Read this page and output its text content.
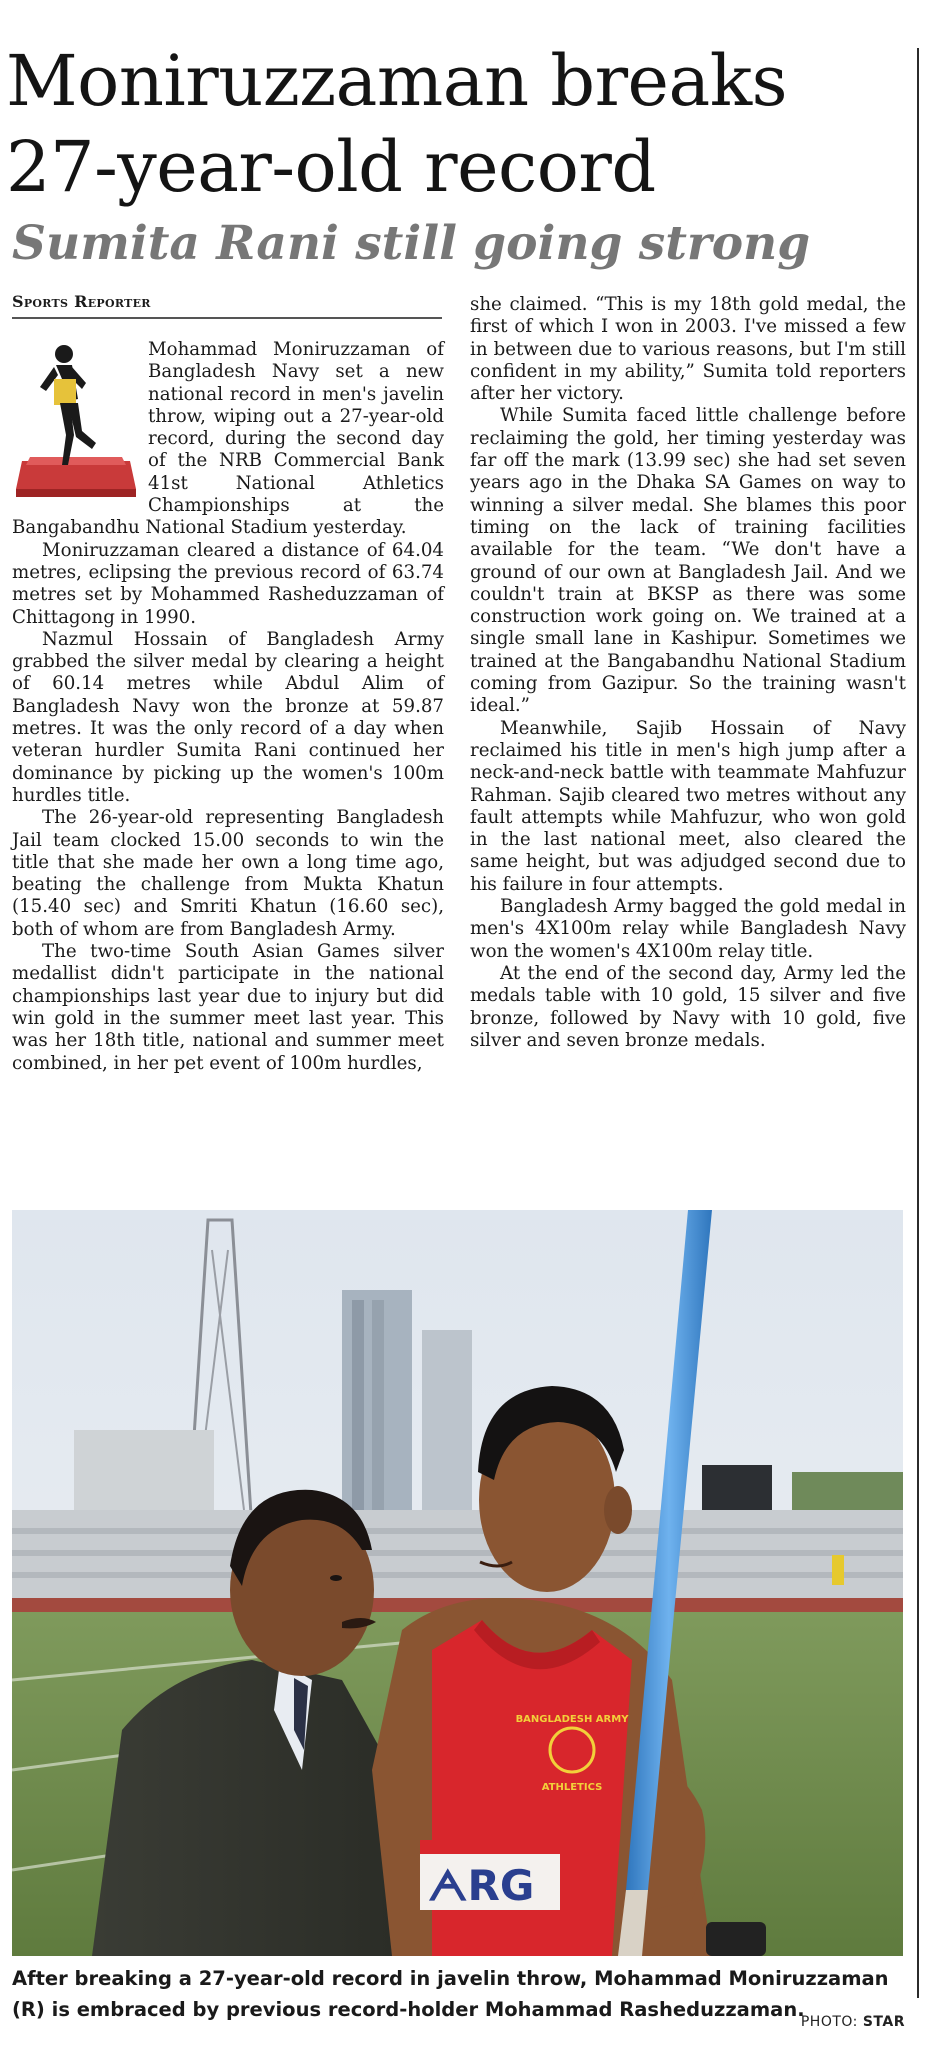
Moniruzzaman breaks
27-year-old record
Sumita Rani still going strong
Sports Reporter

Mohammad Moniruzzaman of Bangladesh Navy set a new national record in men's javelin throw, wiping out a 27-year-old record, during the second day of the NRB Commercial Bank 41st National Athletics Championships at the Bangabandhu National Stadium yesterday.

Moniruzzaman cleared a distance of 64.04 metres, eclipsing the previous record of 63.74 metres set by Mohammed Rasheduzzaman of Chittagong in 1990.

Nazmul Hossain of Bangladesh Army grabbed the silver medal by clearing a height of 60.14 metres while Abdul Alim of Bangladesh Navy won the bronze at 59.87 metres. It was the only record of a day when veteran hurdler Sumita Rani continued her dominance by picking up the women's 100m hurdles title.

The 26-year-old representing Bangladesh Jail team clocked 15.00 seconds to win the title that she made her own a long time ago, beating the challenge from Mukta Khatun (15.40 sec) and Smriti Khatun (16.60 sec), both of whom are from Bangladesh Army.

The two-time South Asian Games silver medallist didn't participate in the national championships last year due to injury but did win gold in the summer meet last year. This was her 18th title, national and summer meet combined, in her pet event of 100m hurdles,

she claimed. “This is my 18th gold medal, the first of which I won in 2003. I've missed a few in between due to various reasons, but I'm still confident in my ability,” Sumita told reporters after her victory.

While Sumita faced little challenge before reclaiming the gold, her timing yesterday was far off the mark (13.99 sec) she had set seven years ago in the Dhaka SA Games on way to winning a silver medal. She blames this poor timing on the lack of training facilities available for the team. “We don't have a ground of our own at Bangladesh Jail. And we couldn't train at BKSP as there was some construction work going on. We trained at a single small lane in Kashipur. Sometimes we trained at the Bangabandhu National Stadium coming from Gazipur. So the training wasn't ideal.”

Meanwhile, Sajib Hossain of Navy reclaimed his title in men's high jump after a neck-and-neck battle with teammate Mahfuzur Rahman. Sajib cleared two metres without any fault attempts while Mahfuzur, who won gold in the last national meet, also cleared the same height, but was adjudged second due to his failure in four attempts.

Bangladesh Army bagged the gold medal in men's 4X100m relay while Bangladesh Navy won the women's 4X100m relay title.

At the end of the second day, Army led the medals table with 10 gold, 15 silver and five bronze, followed by Navy with 10 gold, five silver and seven bronze medals.

BANGLADESH ARMY
ATHLETICS
ᗅRG
After breaking a 27-year-old record in javelin throw, Mohammad Moniruzzaman (R) is embraced by previous record-holder Mohammad Rasheduzzaman.
PHOTO: STAR
